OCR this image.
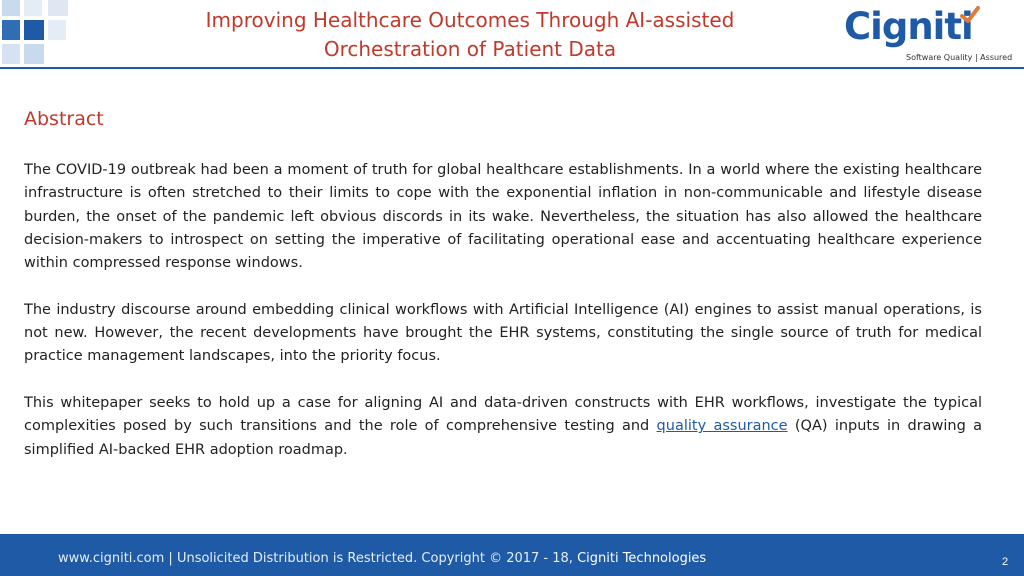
Improving Healthcare Outcomes Through AI-assisted
Orchestration of Patient Data
Cigniti
Software Quality | Assured
Abstract

The COVID-19 outbreak had been a moment of truth for global healthcare establishments. In a world where the existing healthcare infrastructure is often stretched to their limits to cope with the exponential inflation in non-communicable and lifestyle disease burden, the onset of the pandemic left obvious discords in its wake. Nevertheless, the situation has also allowed the healthcare decision-makers to introspect on setting the imperative of facilitating operational ease and accentuating healthcare experience within compressed response windows.

The industry discourse around embedding clinical workflows with Artificial Intelligence (AI) engines to assist manual operations, is not new. However, the recent developments have brought the EHR systems, constituting the single source of truth for medical practice management landscapes, into the priority focus.

This whitepaper seeks to hold up a case for aligning AI and data-driven constructs with EHR workflows, investigate the typical complexities posed by such transitions and the role of comprehensive testing and quality assurance (QA) inputs in drawing a simplified AI-backed EHR adoption roadmap.

www.cigniti.com | Unsolicited Distribution is Restricted. Copyright © 2017 - 18, Cigniti Technologies	2
